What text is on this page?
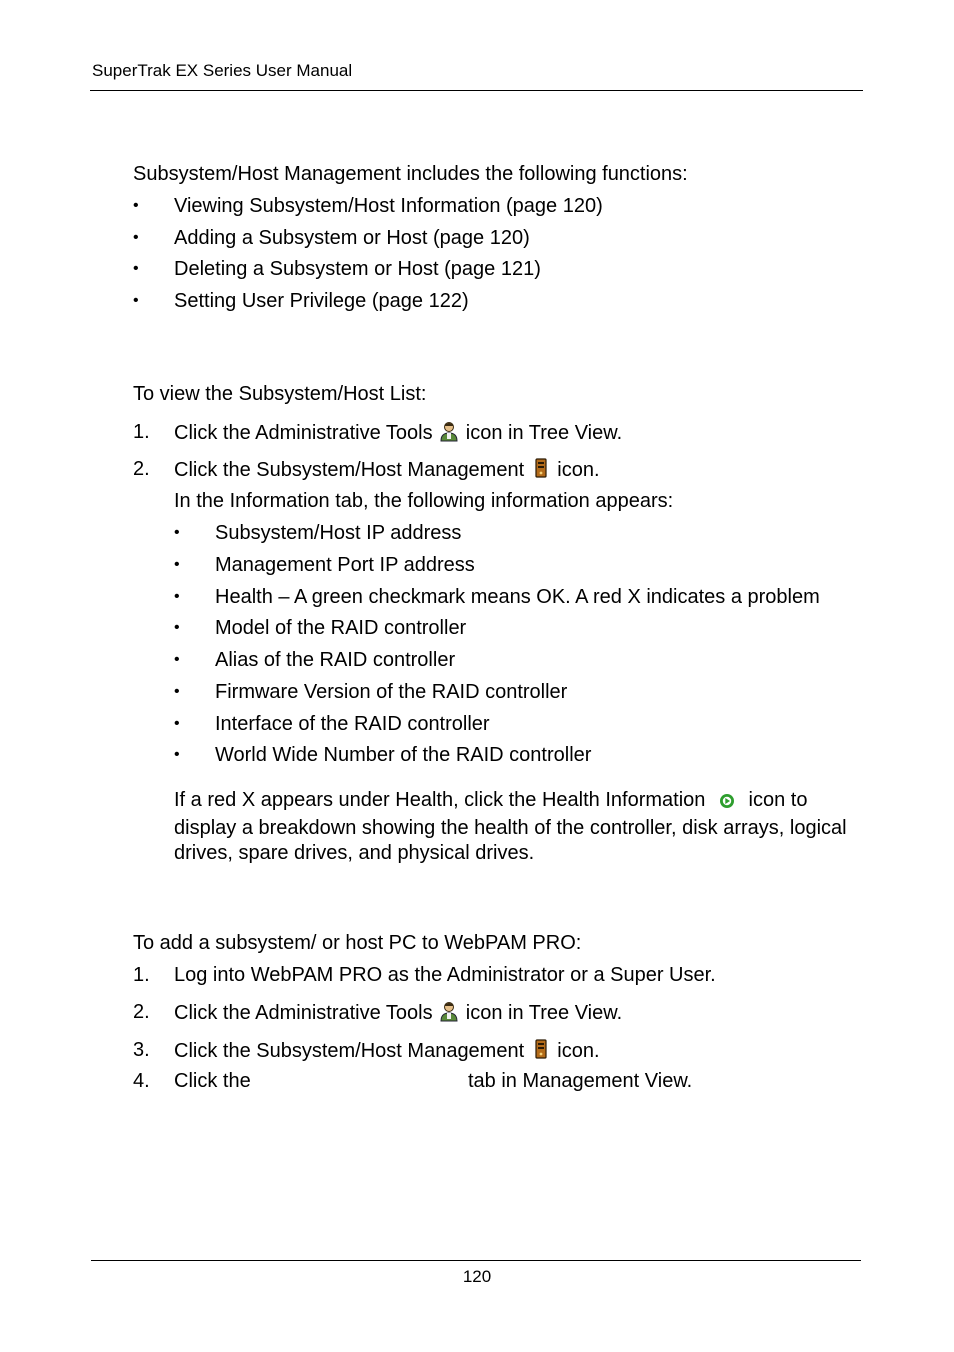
SuperTrak EX Series User Manual
Subsystem/Host Management includes the following functions:
• Viewing Subsystem/Host Information (page 120)
• Adding a Subsystem or Host (page 120)
• Deleting a Subsystem or Host (page 121)
• Setting User Privilege (page 122)
To view the Subsystem/Host List:
1. Click the Administrative Tools icon in Tree View.
2. Click the Subsystem/Host Management icon.
In the Information tab, the following information appears:
• Subsystem/Host IP address
• Management Port IP address
• Health – A green checkmark means OK. A red X indicates a problem
• Model of the RAID controller
• Alias of the RAID controller
• Firmware Version of the RAID controller
• Interface of the RAID controller
• World Wide Number of the RAID controller
If a red X appears under Health, click the Health Information icon to display a breakdown showing the health of the controller, disk arrays, logical drives, spare drives, and physical drives.
To add a subsystem/ or host PC to WebPAM PRO:
1. Log into WebPAM PRO as the Administrator or a Super User.
2. Click the Administrative Tools icon in Tree View.
3. Click the Subsystem/Host Management icon.
4. Click the	tab in Management View.
120
